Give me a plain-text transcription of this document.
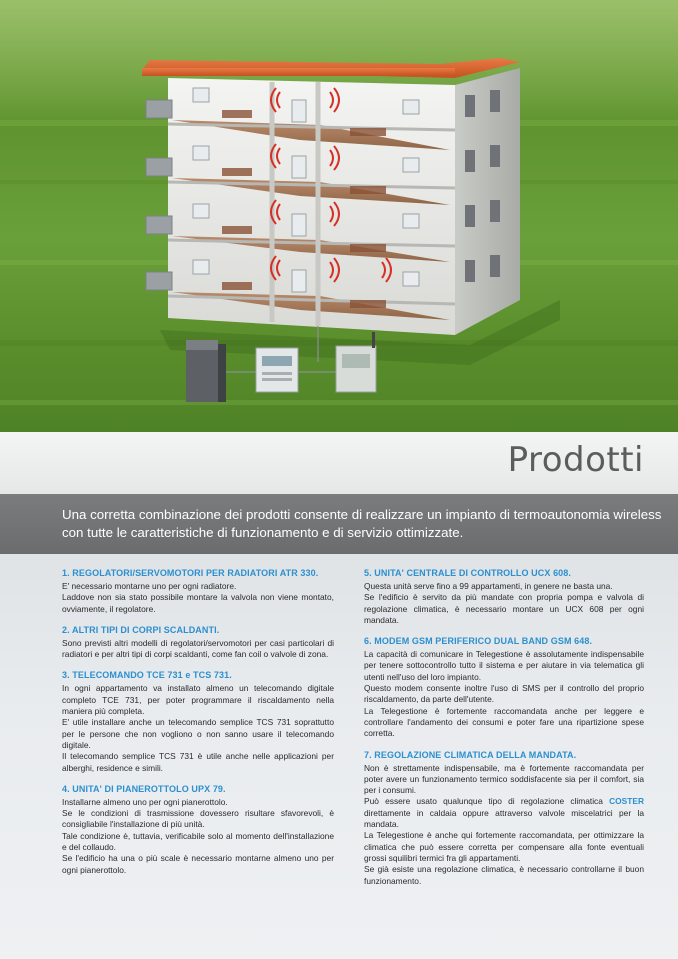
Prodotti

Una corretta combinazione dei prodotti consente di realizzare un impianto di termoautonomia wireless con tutte le caratteristiche di funzionamento e di servizio ottimizzate.

1. REGOLATORI/SERVOMOTORI PER RADIATORI ATR 330.

E' necessario montarne uno per ogni radiatore.

Laddove non sia stato possibile montare la valvola non viene montato, ovviamente, il regolatore.

2. ALTRI TIPI DI CORPI SCALDANTI.

Sono previsti altri modelli di regolatori/servomotori per casi particolari di radiatori e per altri tipi di corpi scaldanti, come fan coil o valvole di zona.

3. TELECOMANDO TCE 731 e TCS 731.

In ogni appartamento va installato almeno un telecomando digitale completo TCE 731, per poter programmare il riscaldamento nella maniera più completa.

E' utile installare anche un telecomando semplice TCS 731 soprattutto per le persone che non vogliono o non sanno usare il telecomando digitale.

Il telecomando semplice TCS 731 è utile anche nelle applicazioni per alberghi, residence e simili.

4. UNITA' DI PIANEROTTOLO UPX 79.

Installarne almeno uno per ogni pianerottolo.

Se le condizioni di trasmissione dovessero risultare sfavorevoli, è consigliabile l'installazione di più unità.

Tale condizione è, tuttavia, verificabile solo al momento dell'installazione e del collaudo.

Se l'edificio ha una o più scale è necessario montarne almeno uno per ogni pianerottolo.

5. UNITA' CENTRALE DI CONTROLLO UCX 608.

Questa unità serve fino a 99 appartamenti, in genere ne basta una.

Se l'edificio è servito da più mandate con propria pompa e valvola di regolazione climatica, è necessario montare un UCX 608 per ogni mandata.

6. MODEM GSM PERIFERICO DUAL BAND GSM 648.

La capacità di comunicare in Telegestione è assolutamente indispensabile per tenere sottocontrollo tutto il sistema e per aiutare in via telematica gli utenti nell'uso del loro impianto.

Questo modem consente inoltre l'uso di SMS per il controllo del proprio riscaldamento, da parte dell'utente.

La Telegestione è fortemente raccomandata anche per leggere e controllare l'andamento dei consumi e poter fare una ripartizione spese corretta.

7. REGOLAZIONE CLIMATICA DELLA MANDATA.

Non è strettamente indispensabile, ma è fortemente raccomandata per poter avere un funzionamento termico soddisfacente sia per il comfort, sia per i consumi.

Può essere usato qualunque tipo di regolazione climatica COSTER direttamente in caldaia oppure attraverso valvole miscelatrici per la mandata.

La Telegestione è anche qui fortemente raccomandata, per ottimizzare la climatica che può essere corretta per compensare alla fonte eventuali grossi squilibri termici fra gli appartamenti.

Se già esiste una regolazione climatica, è necessario controllarne il buon funzionamento.
